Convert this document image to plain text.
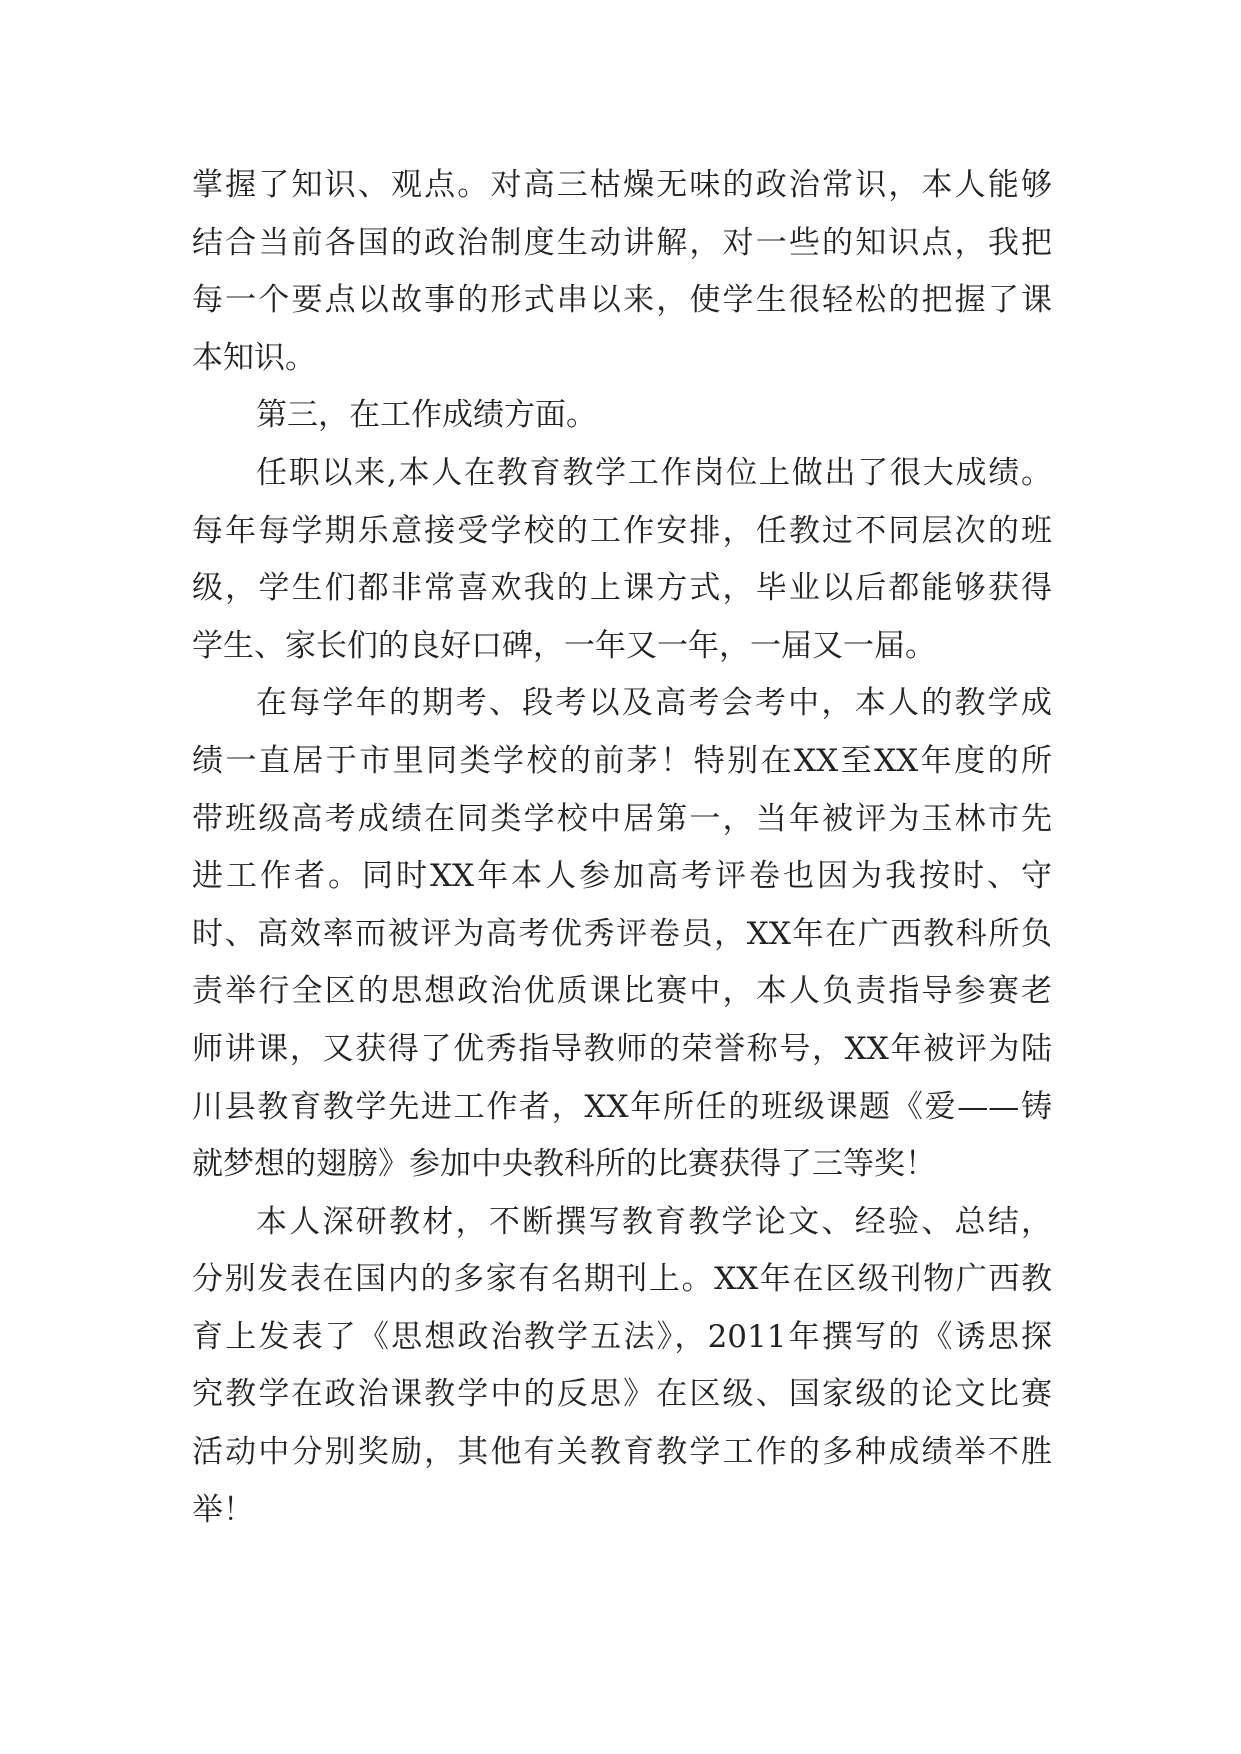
掌握了知识、观点。对高三枯燥无味的政治常识，本人能够
结合当前各国的政治制度生动讲解，对一些的知识点，我把
每一个要点以故事的形式串以来，使学生很轻松的把握了课
本知识。
第三，在工作成绩方面。
任职以来,本人在教育教学工作岗位上做出了很大成绩。
每年每学期乐意接受学校的工作安排，任教过不同层次的班
级，学生们都非常喜欢我的上课方式，毕业以后都能够获得
学生、家长们的良好口碑，一年又一年，一届又一届。
在每学年的期考、段考以及高考会考中，本人的教学成
绩一直居于市里同类学校的前茅！特别在XX至XX年度的所
带班级高考成绩在同类学校中居第一，当年被评为玉林市先
进工作者。同时XX年本人参加高考评卷也因为我按时、守
时、高效率而被评为高考优秀评卷员，XX年在广西教科所负
责举行全区的思想政治优质课比赛中，本人负责指导参赛老
师讲课，又获得了优秀指导教师的荣誉称号，XX年被评为陆
川县教育教学先进工作者，XX年所任的班级课题《爱——铸
就梦想的翅膀》参加中央教科所的比赛获得了三等奖！
本人深研教材，不断撰写教育教学论文、经验、总结，
分别发表在国内的多家有名期刊上。XX年在区级刊物广西教
育上发表了《思想政治教学五法》，2011年撰写的《诱思探
究教学在政治课教学中的反思》在区级、国家级的论文比赛
活动中分别奖励，其他有关教育教学工作的多种成绩举不胜
举！
